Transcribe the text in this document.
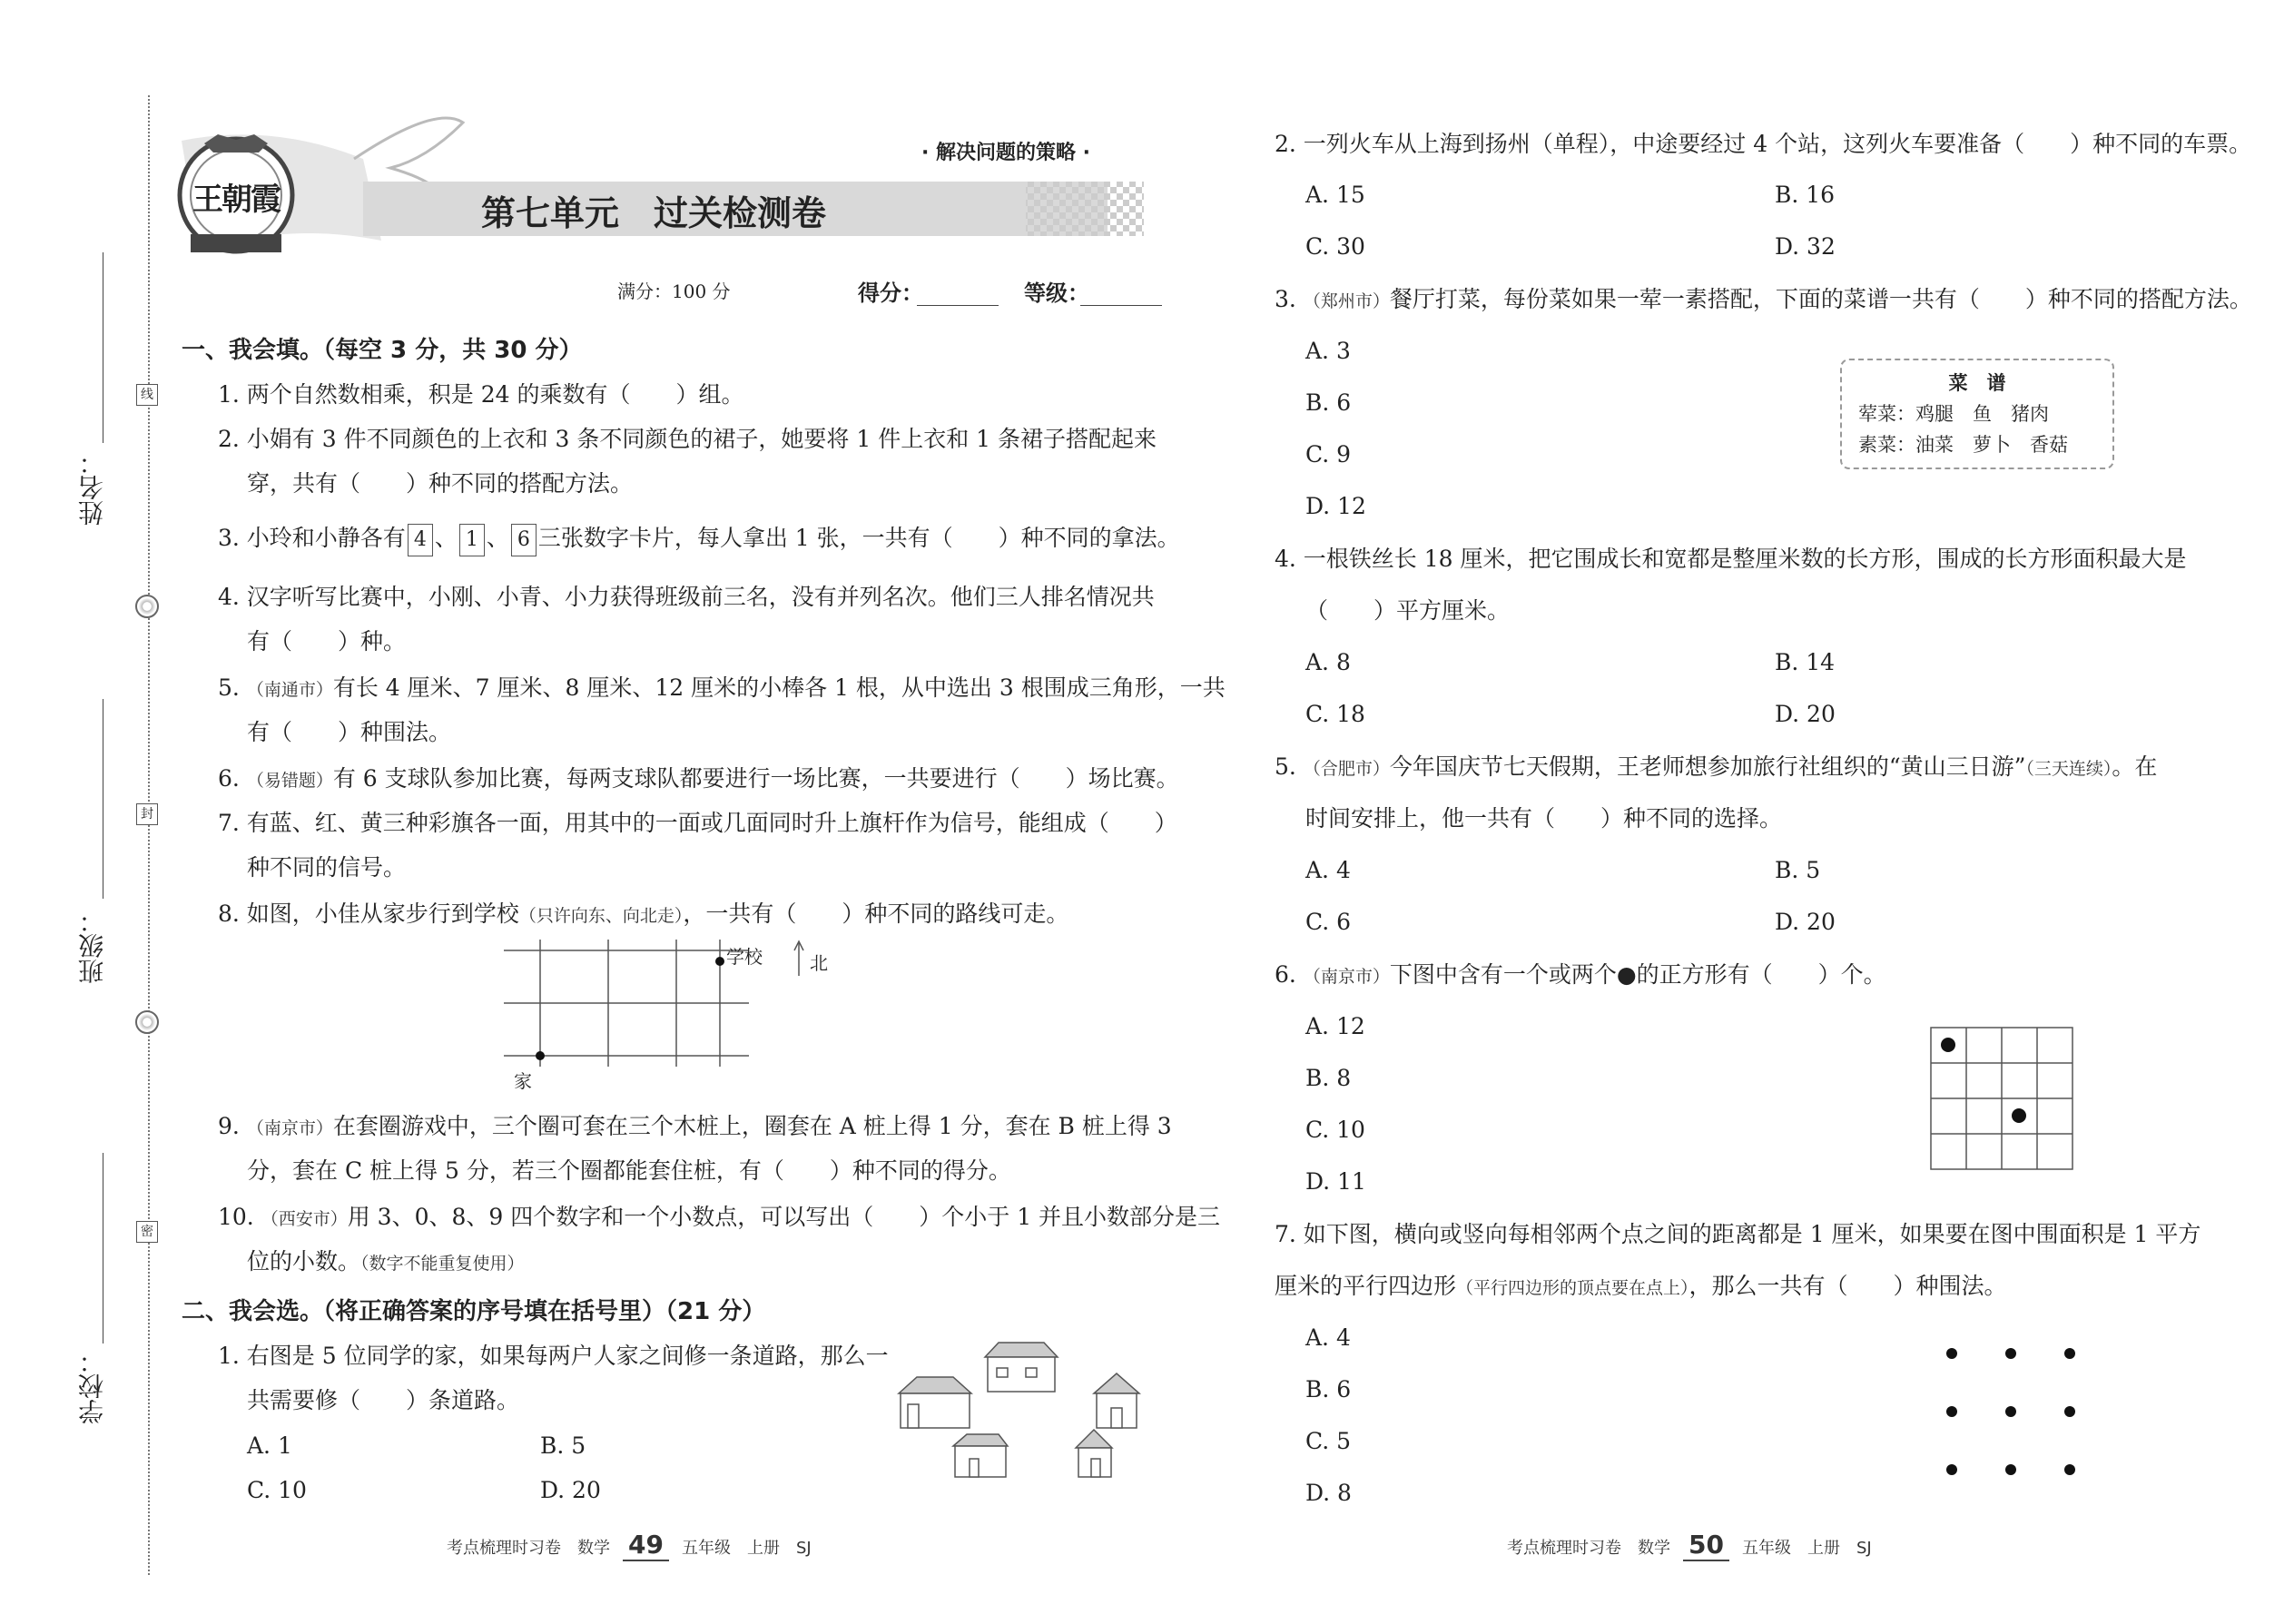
线
封
密
姓名：
班级：
学校：
王朝霞
· 解决问题的策略 ·
第七单元　过关检测卷
满分：100 分	得分：	等级：
一、我会填。（每空 3 分，共 30 分）
1. 两个自然数相乘，积是 24 的乘数有（　　）组。
2. 小娟有 3 件不同颜色的上衣和 3 条不同颜色的裙子，她要将 1 件上衣和 1 条裙子搭配起来
穿，共有（　　）种不同的搭配方法。
3. 小玲和小静各有 4 、 1 、 6 三张数字卡片，每人拿出 1 张，一共有（　　）种不同的拿法。
4. 汉字听写比赛中，小刚、小青、小力获得班级前三名，没有并列名次。他们三人排名情况共
有（　　）种。
5. （南通市）有长 4 厘米、7 厘米、8 厘米、12 厘米的小棒各 1 根，从中选出 3 根围成三角形，一共
有（　　）种围法。
6. （易错题）有 6 支球队参加比赛，每两支球队都要进行一场比赛，一共要进行（　　）场比赛。
7. 有蓝、红、黄三种彩旗各一面，用其中的一面或几面同时升上旗杆作为信号，能组成（　　）
种不同的信号。
8. 如图，小佳从家步行到学校（只许向东、向北走），一共有（　　）种不同的路线可走。
学校	北
家
9. （南京市）在套圈游戏中，三个圈可套在三个木桩上，圈套在 A 桩上得 1 分，套在 B 桩上得 3
分，套在 C 桩上得 5 分，若三个圈都能套住桩，有（　　）种不同的得分。
10. （西安市）用 3、0、8、9 四个数字和一个小数点，可以写出（　　）个小于 1 并且小数部分是三
位的小数。（数字不能重复使用）
二、我会选。（将正确答案的序号填在括号里）（21 分）
1. 右图是 5 位同学的家，如果每两户人家之间修一条道路，那么一
共需要修（　　）条道路。
A. 1	B. 5
C. 10	D. 20
考点梳理时习卷　数学 49 五年级　上册　SJ
2. 一列火车从上海到扬州（单程），中途要经过 4 个站，这列火车要准备（　　）种不同的车票。
A. 15	B. 16
C. 30	D. 32
3. （郑州市）餐厅打菜，每份菜如果一荤一素搭配，下面的菜谱一共有（　　）种不同的搭配方法。
A. 3
B. 6
C. 9
D. 12
菜　谱
荤菜：鸡腿　鱼　猪肉
素菜：油菜　萝卜　香菇
4. 一根铁丝长 18 厘米，把它围成长和宽都是整厘米数的长方形，围成的长方形面积最大是
（　　）平方厘米。
A. 8	B. 14
C. 18	D. 20
5. （合肥市）今年国庆节七天假期，王老师想参加旅行社组织的“黄山三日游”（三天连续）。在
时间安排上，他一共有（　　）种不同的选择。
A. 4	B. 5
C. 6	D. 20
6. （南京市）下图中含有一个或两个●的正方形有（　　）个。
A. 12
B. 8
C. 10
D. 11
7. 如下图，横向或竖向每相邻两个点之间的距离都是 1 厘米，如果要在图中围面积是 1 平方
厘米的平行四边形（平行四边形的顶点要在点上），那么一共有（　　）种围法。
A. 4
B. 6
C. 5
D. 8
考点梳理时习卷　数学 50 五年级　上册　SJ
